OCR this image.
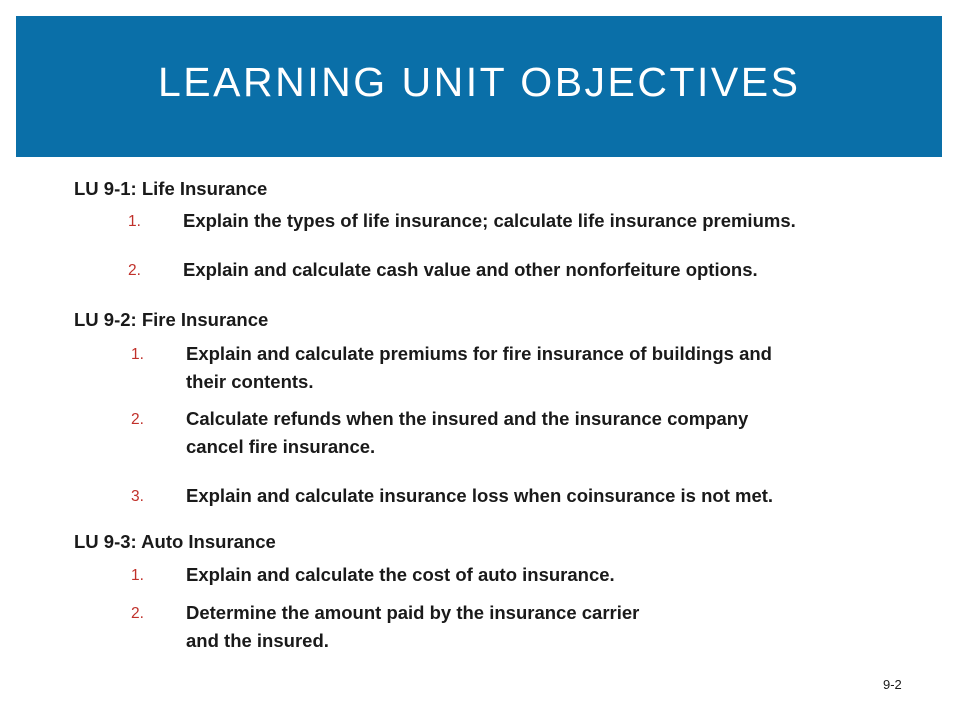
LEARNING UNIT OBJECTIVES
LU 9-1: Life Insurance
1. Explain the types of life insurance; calculate life insurance premiums.
2. Explain and calculate cash value and other nonforfeiture options.
LU 9-2: Fire Insurance
1. Explain and calculate premiums for fire insurance of buildings and
their contents.
2. Calculate refunds when the insured and the insurance company
cancel fire insurance.
3. Explain and calculate insurance loss when coinsurance is not met.
LU 9-3: Auto Insurance
1. Explain and calculate the cost of auto insurance.
2. Determine the amount paid by the insurance carrier
and the insured.
9-2
